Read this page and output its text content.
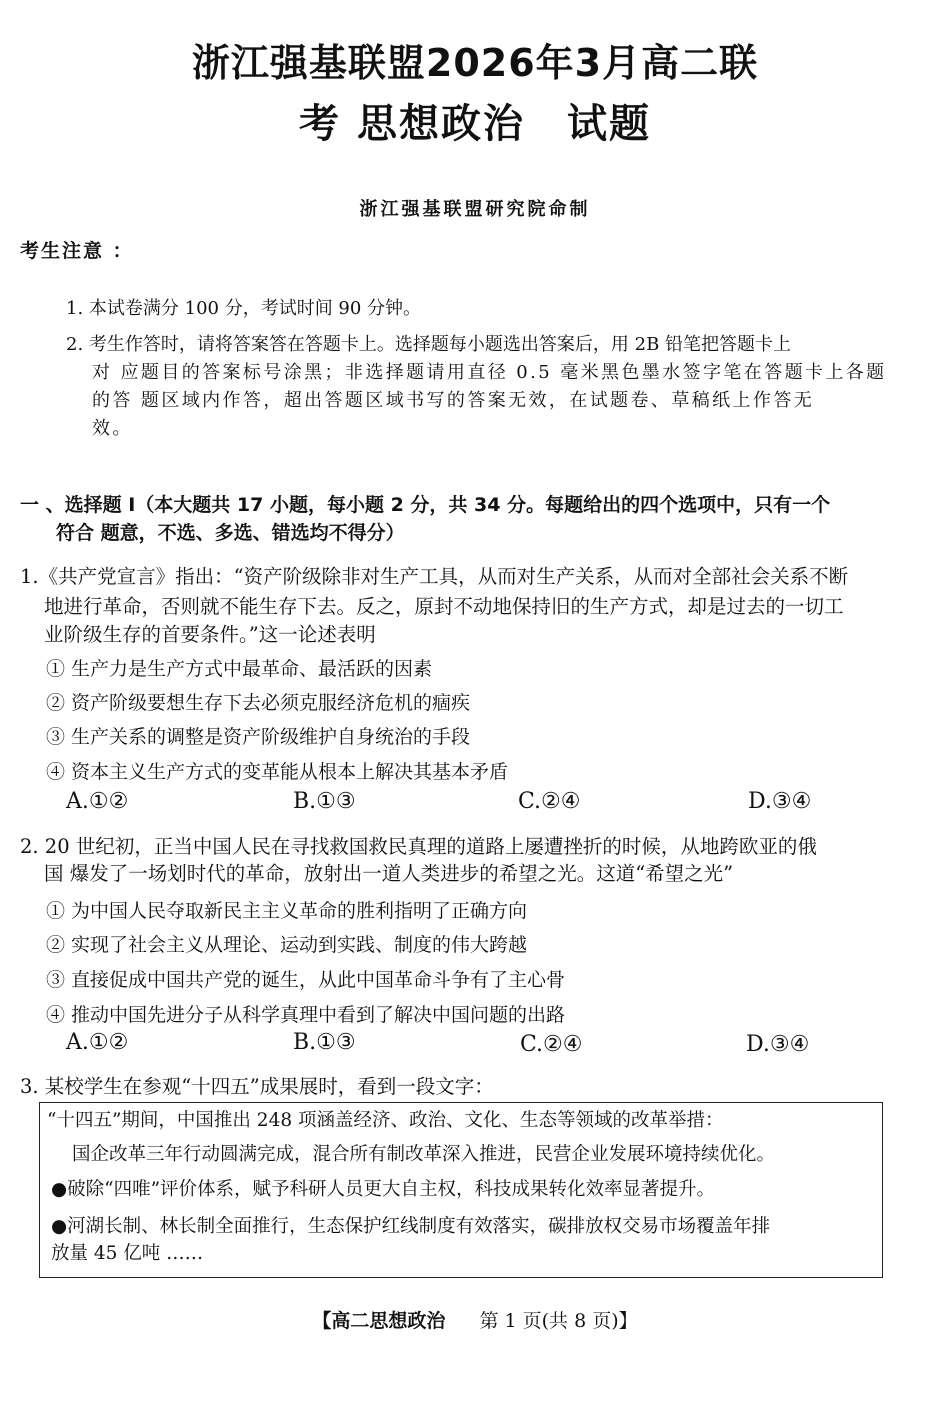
浙江强基联盟2026年3月高二联
考 思想政治　试题
浙江强基联盟研究院命制
考生注意 ：
1. 本试卷满分 100 分，考试时间 90 分钟。
2. 考生作答时，请将答案答在答题卡上。选择题每小题选出答案后，用 2B 铅笔把答题卡上
对 应题目的答案标号涂黑；非选择题请用直径 0.5 毫米黑色墨水签字笔在答题卡上各题
的答 题区域内作答，超出答题区域书写的答案无效，在试题卷、草稿纸上作答无
效。
一 、选择题 I（本大题共 17 小题，每小题 2 分，共 34 分。每题给出的四个选项中，只有一个
符合 题意，不选、多选、错选均不得分）
1.《共产党宣言》指出：“资产阶级除非对生产工具，从而对生产关系，从而对全部社会关系不断
地进行革命，否则就不能生存下去。反之，原封不动地保持旧的生产方式，却是过去的一切工
业阶级生存的首要条件。”这一论述表明
① 生产力是生产方式中最革命、最活跃的因素
② 资产阶级要想生存下去必须克服经济危机的痼疾
③ 生产关系的调整是资产阶级维护自身统治的手段
④ 资本主义生产方式的变革能从根本上解决其基本矛盾
A.①②	B.①③	C.②④	D.③④
2. 20 世纪初，正当中国人民在寻找救国救民真理的道路上屡遭挫折的时候，从地跨欧亚的俄
国 爆发了一场划时代的革命，放射出一道人类进步的希望之光。这道“希望之光”
① 为中国人民夺取新民主主义革命的胜利指明了正确方向
② 实现了社会主义从理论、运动到实践、制度的伟大跨越
③ 直接促成中国共产党的诞生，从此中国革命斗争有了主心骨
④ 推动中国先进分子从科学真理中看到了解决中国问题的出路
A.①②	B.①③	C.②④	D.③④
3. 某校学生在参观“十四五”成果展时，看到一段文字：
“十四五”期间，中国推出 248 项涵盖经济、政治、文化、生态等领域的改革举措：
国企改革三年行动圆满完成，混合所有制改革深入推进，民营企业发展环境持续优化。
●破除“四唯”评价体系，赋予科研人员更大自主权，科技成果转化效率显著提升。
●河湖长制、林长制全面推行，生态保护红线制度有效落实，碳排放权交易市场覆盖年排
放量 45 亿吨 ……
【高二思想政治 第 1 页(共 8 页)】
